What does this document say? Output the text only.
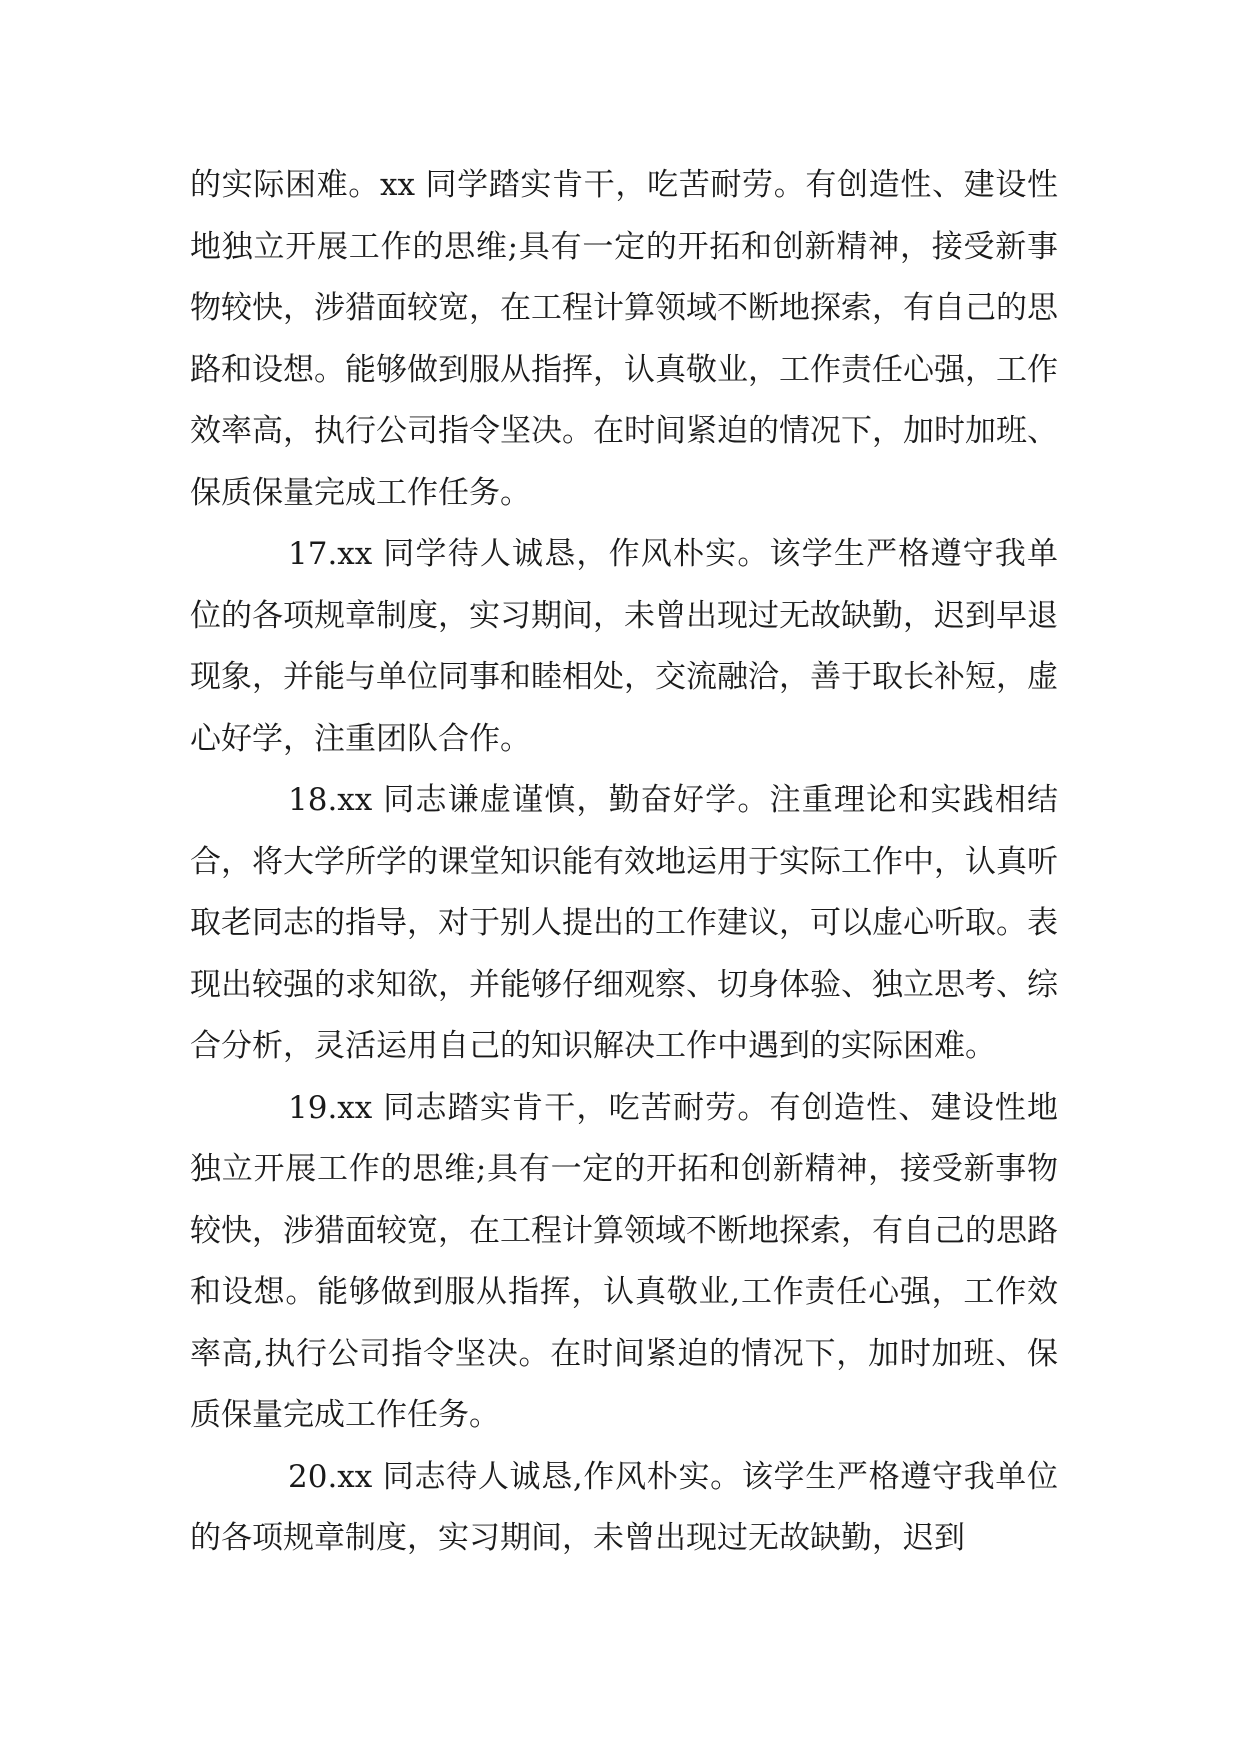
的实际困难。xx 同学踏实肯干，吃苦耐劳。有创造性、建设性地独立开展工作的思维;具有一定的开拓和创新精神，接受新事物较快，涉猎面较宽，在工程计算领域不断地探索，有自己的思路和设想。能够做到服从指挥，认真敬业，工作责任心强，工作效率高，执行公司指令坚决。在时间紧迫的情况下，加时加班、保质保量完成工作任务。

17.xx 同学待人诚恳，作风朴实。该学生严格遵守我单位的各项规章制度，实习期间，未曾出现过无故缺勤，迟到早退现象，并能与单位同事和睦相处，交流融洽，善于取长补短，虚心好学，注重团队合作。

18.xx 同志谦虚谨慎，勤奋好学。注重理论和实践相结合，将大学所学的课堂知识能有效地运用于实际工作中，认真听取老同志的指导，对于别人提出的工作建议，可以虚心听取。表现出较强的求知欲，并能够仔细观察、切身体验、独立思考、综合分析，灵活运用自己的知识解决工作中遇到的实际困难。

19.xx 同志踏实肯干，吃苦耐劳。有创造性、建设性地独立开展工作的思维;具有一定的开拓和创新精神，接受新事物较快，涉猎面较宽，在工程计算领域不断地探索，有自己的思路和设想。能够做到服从指挥，认真敬业,工作责任心强，工作效率高,执行公司指令坚决。在时间紧迫的情况下，加时加班、保质保量完成工作任务。

20.xx 同志待人诚恳,作风朴实。该学生严格遵守我单位的各项规章制度，实习期间，未曾出现过无故缺勤，迟到
